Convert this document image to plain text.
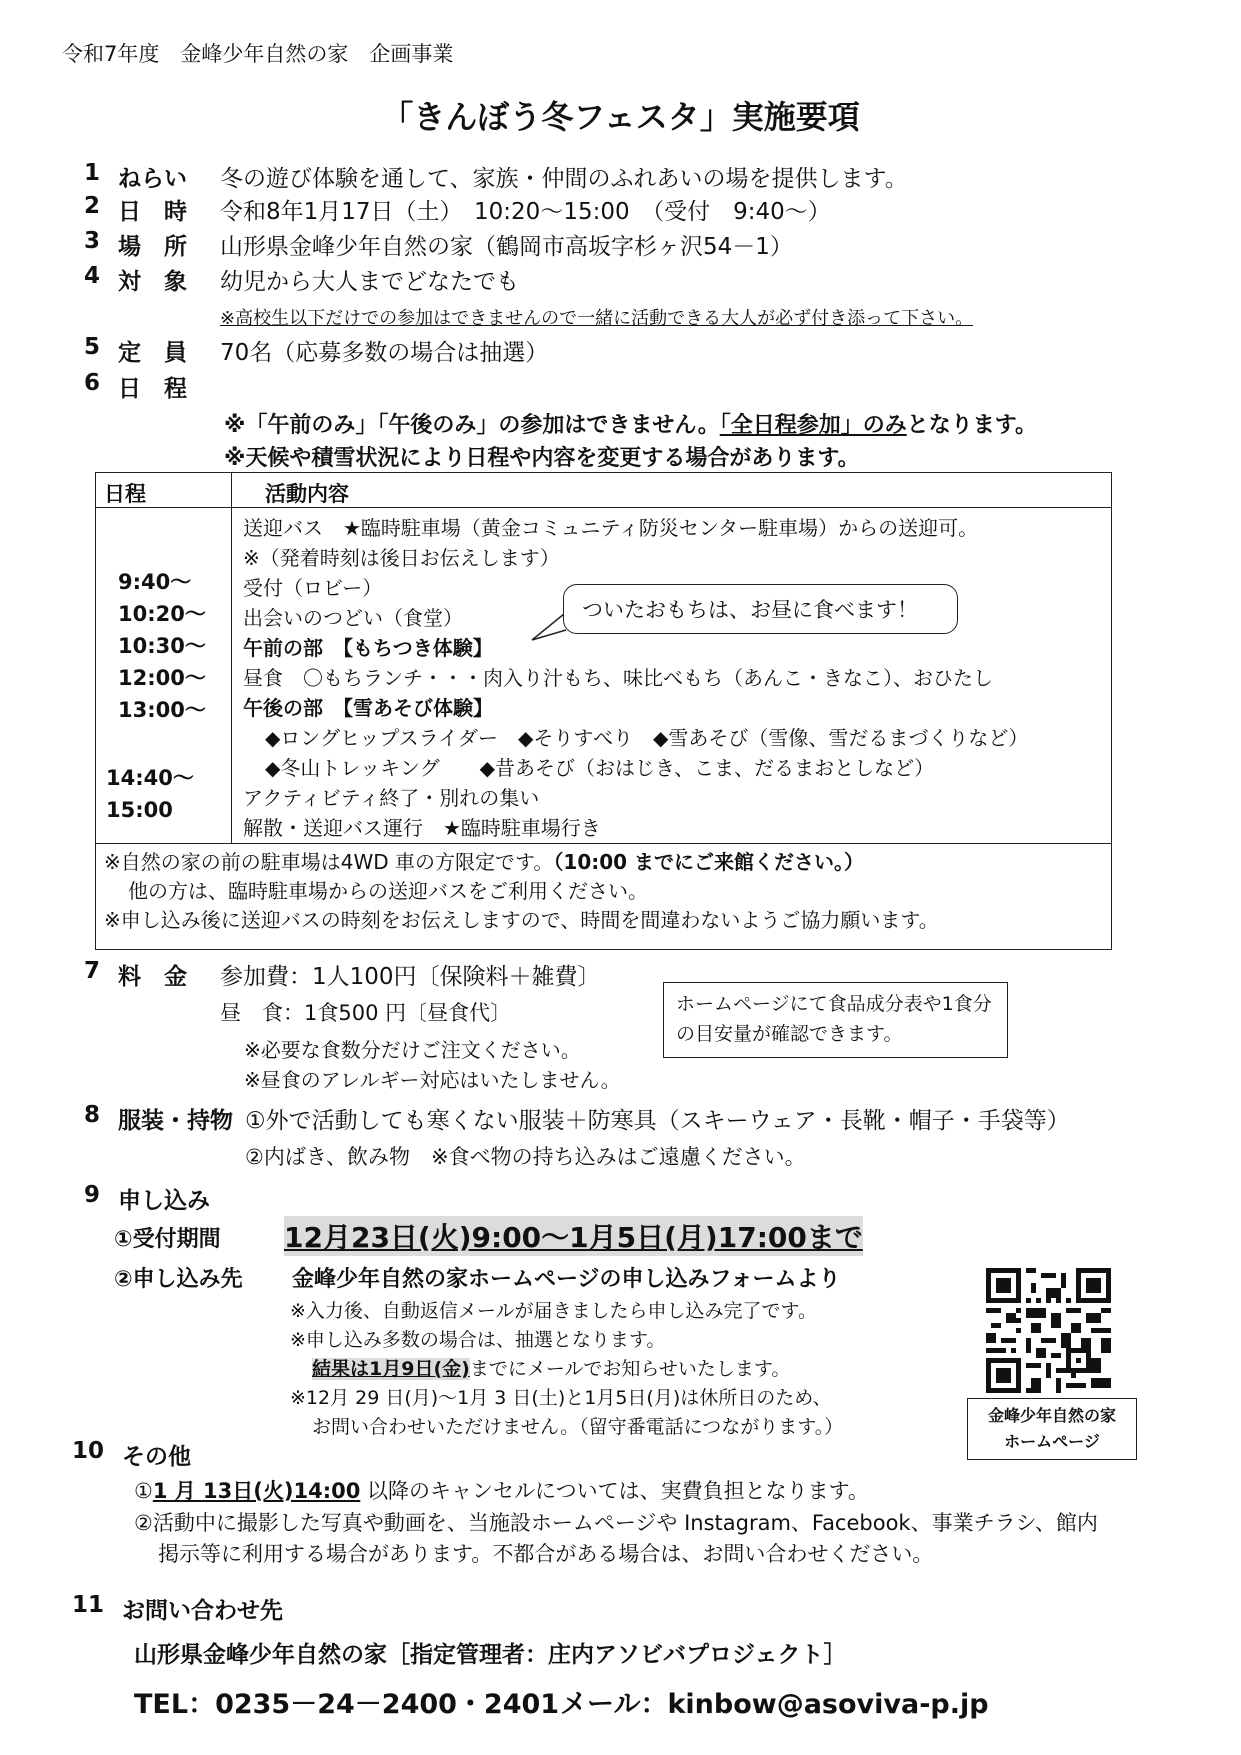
令和7年度　金峰少年自然の家　企画事業
「きんぼう冬フェスタ」実施要項
1 ねらい 冬の遊び体験を通して、家族・仲間のふれあいの場を提供します。
2 日　時 令和8年1月17日（土）　10:20〜15:00　（受付　9:40〜）
3 場　所 山形県金峰少年自然の家（鶴岡市高坂字杉ヶ沢54－1）
4 対　象 幼児から大人までどなたでも
※高校生以下だけでの参加はできませんので一緒に活動できる大人が必ず付き添って下さい。
5 定　員 70名（応募多数の場合は抽選）
6 日　程
※「午前のみ」「午後のみ」の参加はできません。「全日程参加」のみとなります。
※天候や積雪状況により日程や内容を変更する場合があります。
日程	活動内容
9:40〜
10:20〜
10:30〜
12:00〜
13:00〜
14:40〜
15:00
送迎バス　★臨時駐車場（黄金コミュニティ防災センター駐車場）からの送迎可。
※（発着時刻は後日お伝えします）
受付（ロビー）
出会いのつどい（食堂）
午前の部　【もちつき体験】
昼食　〇もちランチ・・・肉入り汁もち、味比べもち（あんこ・きなこ）、おひたし
午後の部　【雪あそび体験】
◆ロングヒップスライダー　◆そりすべり　◆雪あそび（雪像、雪だるまづくりなど）
◆冬山トレッキング　　◆昔あそび（おはじき、こま、だるまおとしなど）
アクティビティ終了・別れの集い
解散・送迎バス運行　★臨時駐車場行き
ついたおもちは、お昼に食べます！
※自然の家の前の駐車場は4WD 車の方限定です。（10:00 までにご来館ください。）
他の方は、臨時駐車場からの送迎バスをご利用ください。
※申し込み後に送迎バスの時刻をお伝えしますので、時間を間違わないようご協力願います。
7 料　金 参加費：1人100円〔保険料＋雑費〕
昼　食：1食500 円〔昼食代〕
※必要な食数分だけご注文ください。
※昼食のアレルギー対応はいたしません。
ホームページにて食品成分表や1食分の目安量が確認できます。
8 服装・持物 ①外で活動しても寒くない服装＋防寒具（スキーウェア・長靴・帽子・手袋等）
②内ばき、飲み物　※食べ物の持ち込みはご遠慮ください。
9 申し込み
①受付期間 12月23日(火)9:00〜1月5日(月)17:00まで
②申し込み先 金峰少年自然の家ホームページの申し込みフォームより
※入力後、自動返信メールが届きましたら申し込み完了です。
※申し込み多数の場合は、抽選となります。
結果は1月9日(金)までにメールでお知らせいたします。
※12月 29 日(月)〜1月 3 日(土)と1月5日(月)は休所日のため、
お問い合わせいただけません。（留守番電話につながります。）
金峰少年自然の家
ホームページ
10 その他
①1 月 13日(火)14:00 以降のキャンセルについては、実費負担となります。
②活動中に撮影した写真や動画を、当施設ホームページや Instagram、Facebook、事業チラシ、館内
掲示等に利用する場合があります。不都合がある場合は、お問い合わせください。
11 お問い合わせ先
山形県金峰少年自然の家［指定管理者：庄内アソビバプロジェクト］
TEL：0235－24－2400・2401 メール：kinbow@asoviva-p.jp
